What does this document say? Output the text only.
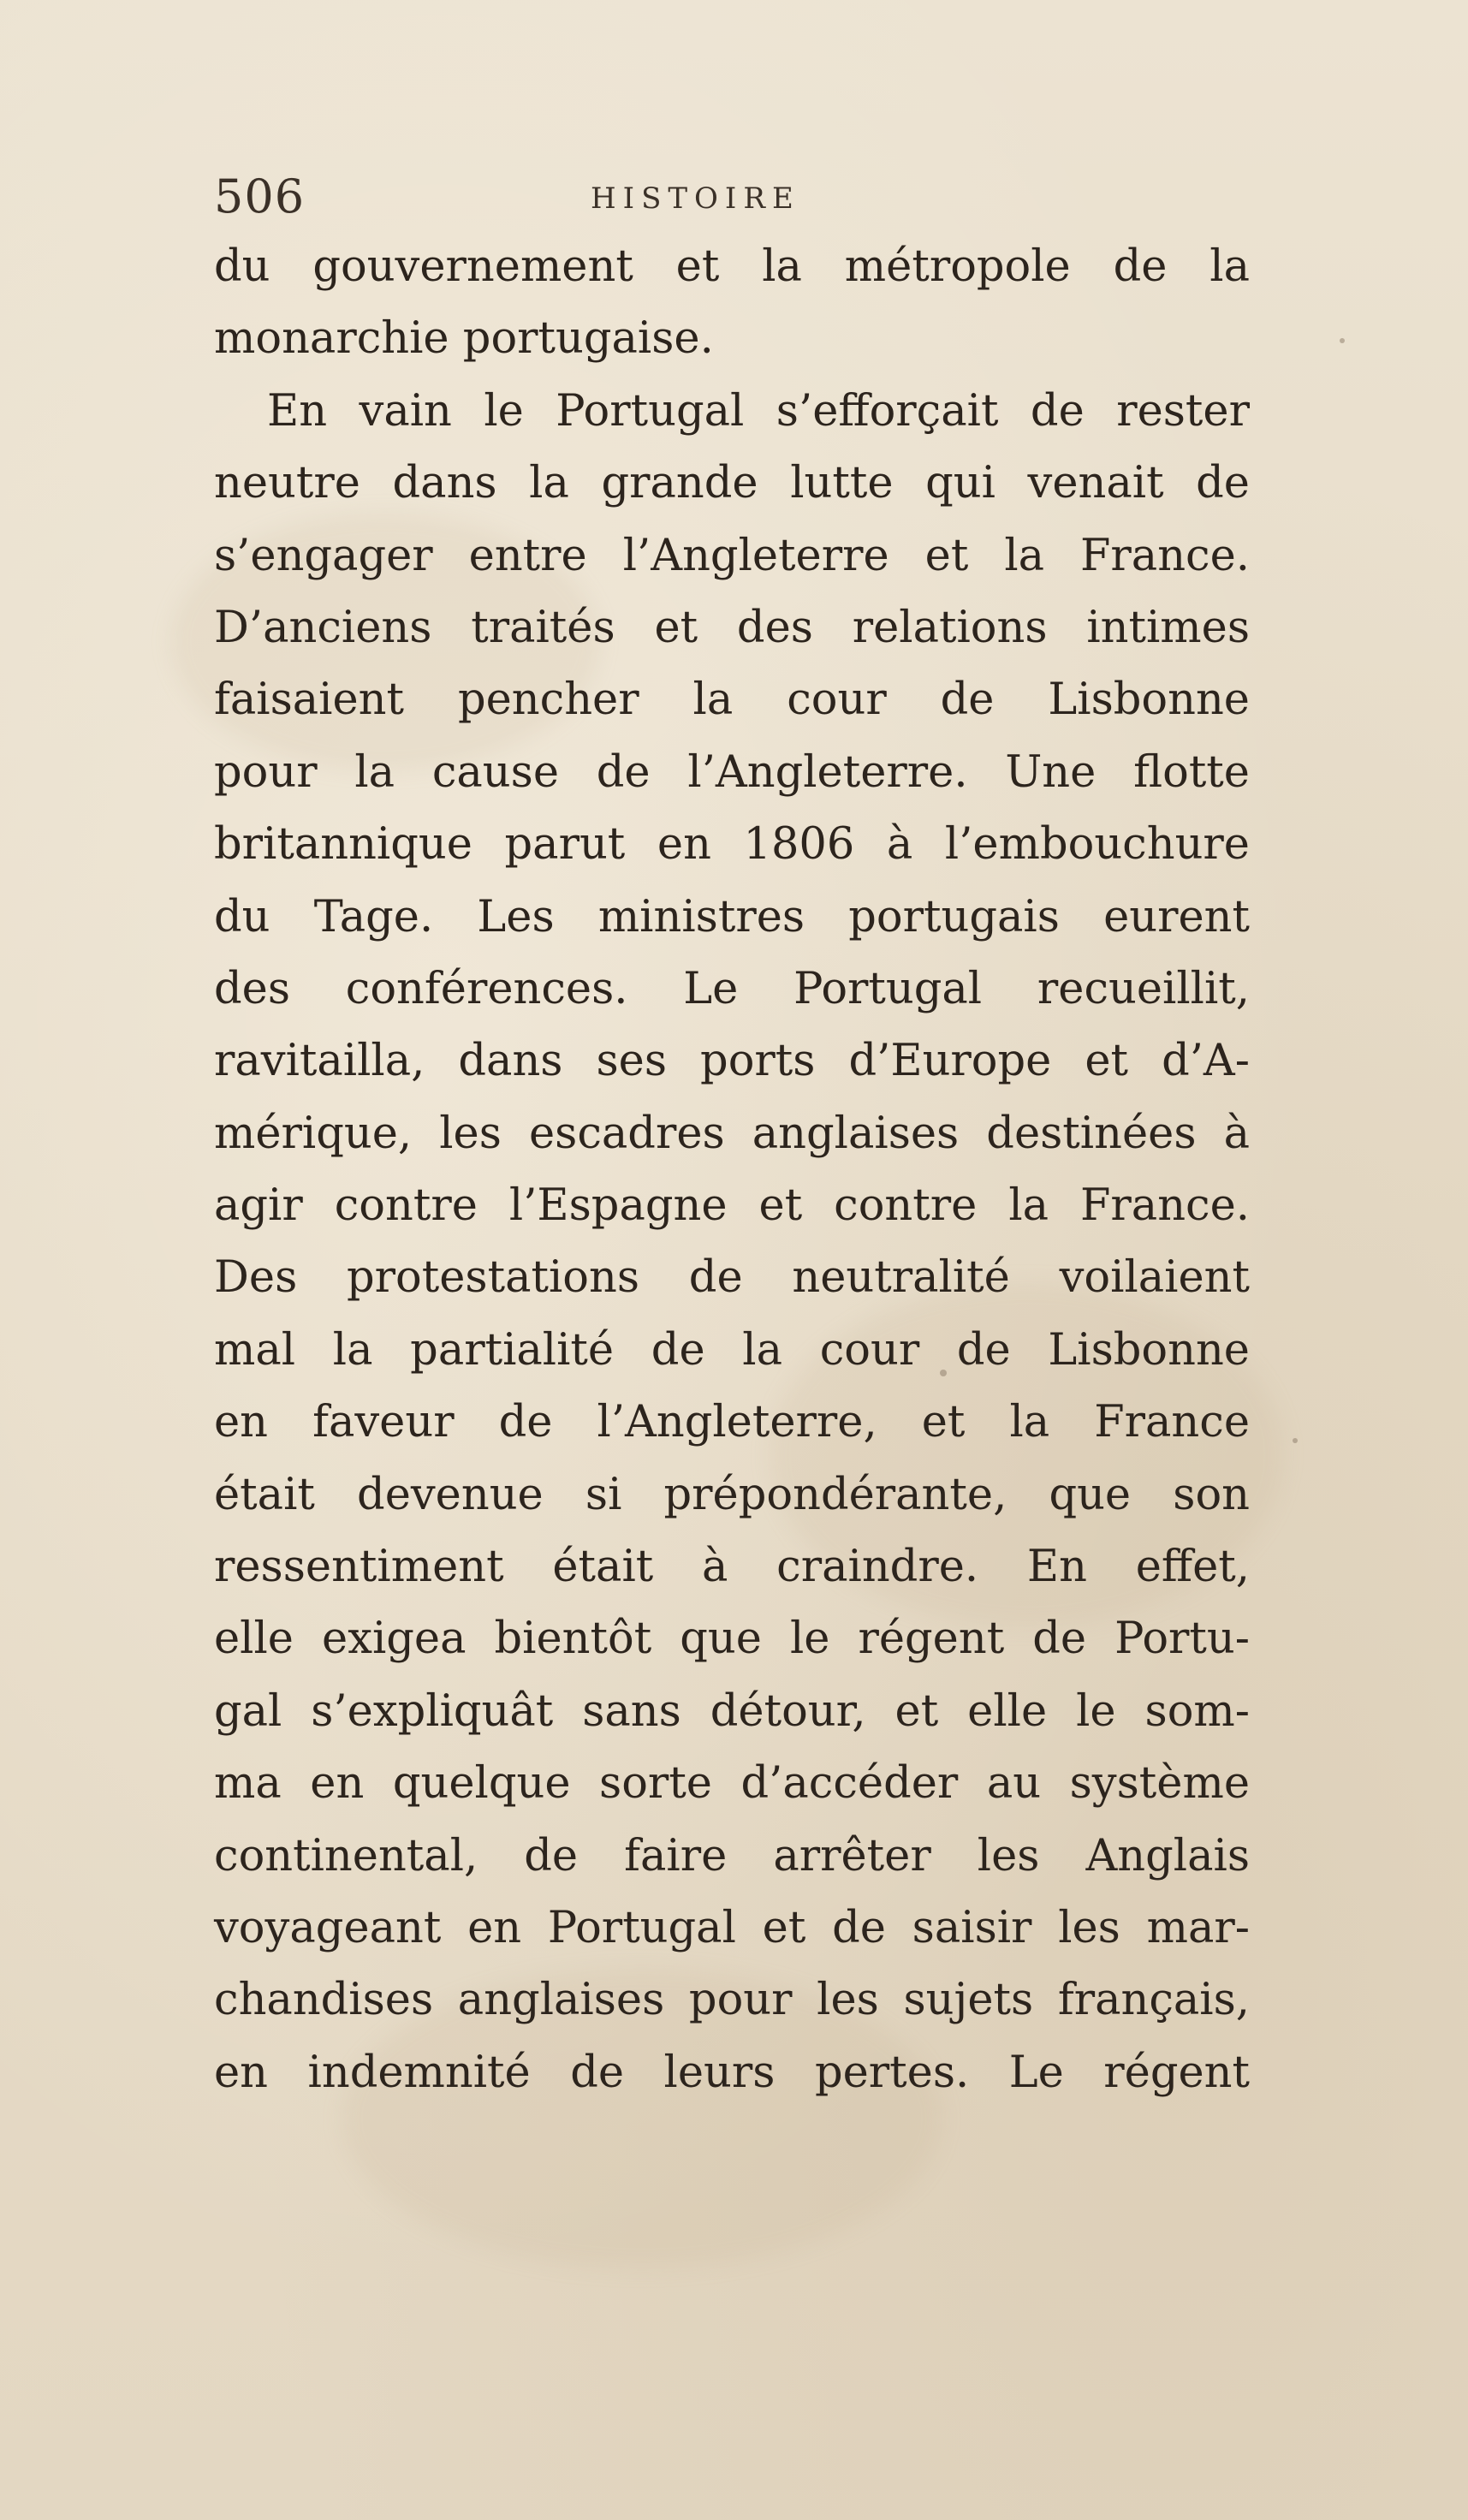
506	HISTOIRE
du gouvernement et la métropole de la
monarchie portugaise.
En vain le Portugal s’efforçait de rester
neutre dans la grande lutte qui venait de
s’engager entre l’Angleterre et la France.
D’anciens traités et des relations intimes
faisaient pencher la cour de Lisbonne
pour la cause de l’Angleterre. Une flotte
britannique parut en 1806 à l’embouchure
du Tage. Les ministres portugais eurent
des conférences. Le Portugal recueillit,
ravitailla, dans ses ports d’Europe et d’A-
mérique, les escadres anglaises destinées à
agir contre l’Espagne et contre la France.
Des protestations de neutralité voilaient
mal la partialité de la cour de Lisbonne
en faveur de l’Angleterre, et la France
était devenue si prépondérante, que son
ressentiment était à craindre. En effet,
elle exigea bientôt que le régent de Portu-
gal s’expliquât sans détour, et elle le som-
ma en quelque sorte d’accéder au système
continental, de faire arrêter les Anglais
voyageant en Portugal et de saisir les mar-
chandises anglaises pour les sujets français,
en indemnité de leurs pertes. Le régent
